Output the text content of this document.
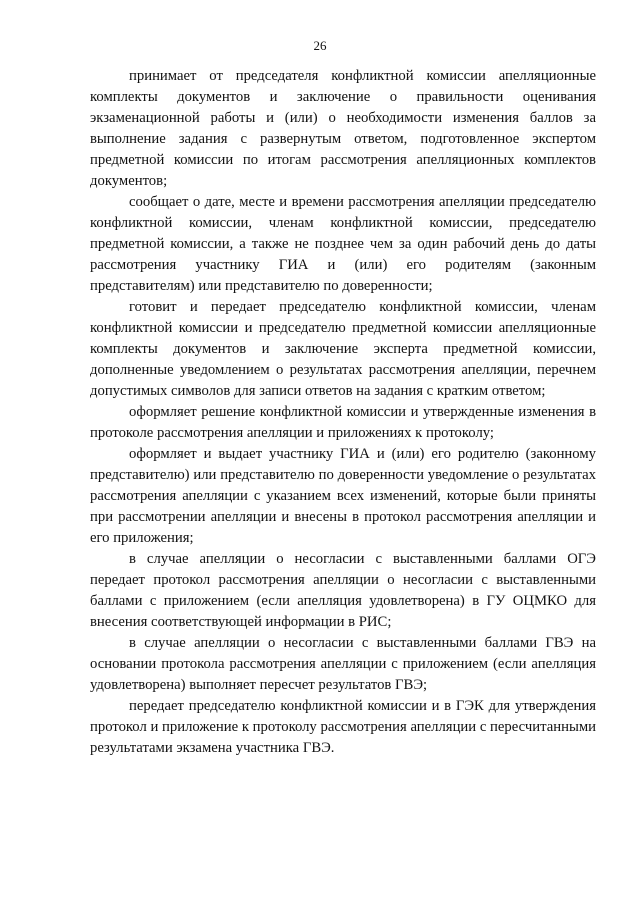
26

принимает от председателя конфликтной комиссии апелляционные комплекты документов и заключение о правильности оценивания экзаменационной работы и (или) о необходимости изменения баллов за выполнение задания с развернутым ответом, подготовленное экспертом предметной комиссии по итогам рассмотрения апелляционных комплектов документов;

сообщает о дате, месте и времени рассмотрения апелляции председателю конфликтной комиссии, членам конфликтной комиссии, председателю предметной комиссии, а также не позднее чем за один рабочий день до даты рассмотрения участнику ГИА и (или) его родителям (законным представителям) или представителю по доверенности;

готовит и передает председателю конфликтной комиссии, членам конфликтной комиссии и председателю предметной комиссии апелляционные комплекты документов и заключение эксперта предметной комиссии, дополненные уведомлением о результатах рассмотрения апелляции, перечнем допустимых символов для записи ответов на задания с кратким ответом;

оформляет решение конфликтной комиссии и утвержденные изменения в протоколе рассмотрения апелляции и приложениях к протоколу;

оформляет и выдает участнику ГИА и (или) его родителю (законному представителю) или представителю по доверенности уведомление о результатах рассмотрения апелляции с указанием всех изменений, которые были приняты при рассмотрении апелляции и внесены в протокол рассмотрения апелляции и его приложения;

в случае апелляции о несогласии с выставленными баллами ОГЭ передает протокол рассмотрения апелляции о несогласии с выставленными баллами с приложением (если апелляция удовлетворена) в ГУ ОЦМКО для внесения соответствующей информации в РИС;

в случае апелляции о несогласии с выставленными баллами ГВЭ на основании протокола рассмотрения апелляции с приложением (если апелляция удовлетворена) выполняет пересчет результатов ГВЭ;

передает председателю конфликтной комиссии и в ГЭК для утверждения протокол и приложение к протоколу рассмотрения апелляции с пересчитанными результатами экзамена участника ГВЭ.
